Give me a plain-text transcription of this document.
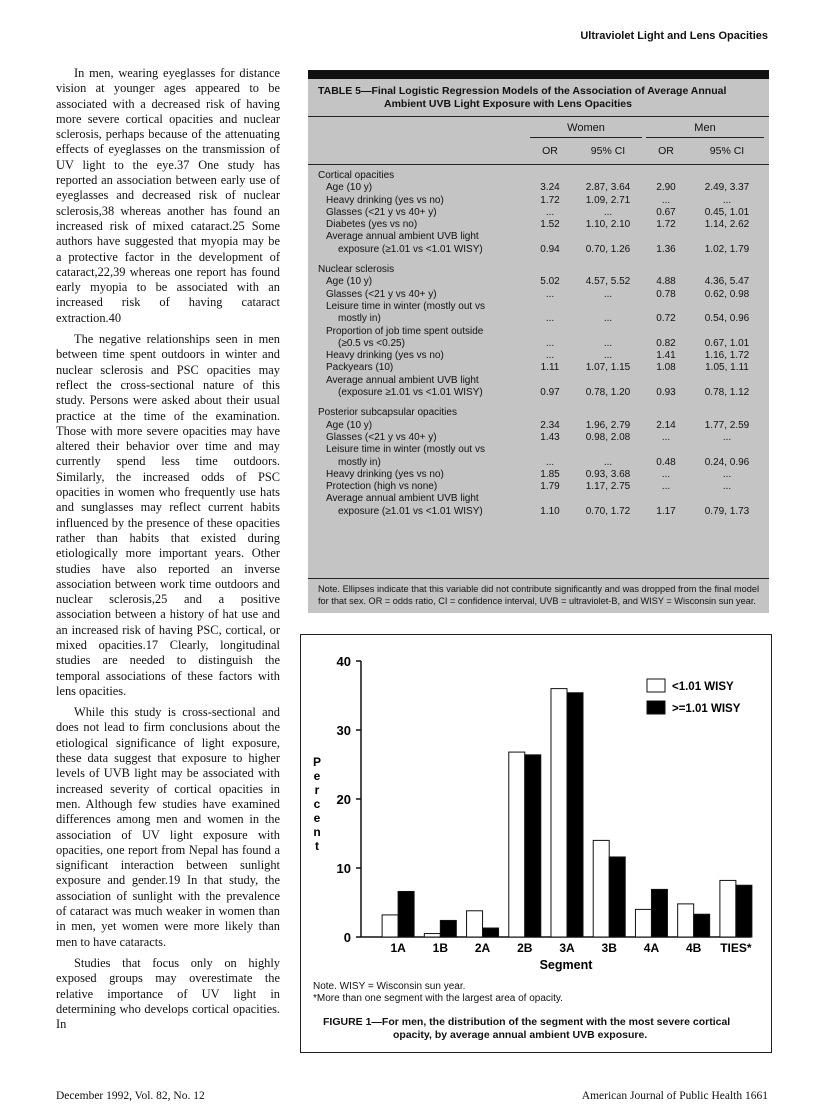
Ultraviolet Light and Lens Opacities

In men, wearing eyeglasses for distance vision at younger ages appeared to be associated with a decreased risk of having more severe cortical opacities and nuclear sclerosis, perhaps because of the attenuating effects of eyeglasses on the transmission of UV light to the eye.37 One study has reported an association between early use of eyeglasses and decreased risk of nuclear sclerosis,38 whereas another has found an increased risk of mixed cataract.25 Some authors have suggested that myopia may be a protective factor in the development of cataract,22,39 whereas one report has found early myopia to be associated with an increased risk of having cataract extraction.40

The negative relationships seen in men between time spent outdoors in winter and nuclear sclerosis and PSC opacities may reflect the cross-sectional nature of this study. Persons were asked about their usual practice at the time of the examination. Those with more severe opacities may have altered their behavior over time and may currently spend less time outdoors. Similarly, the increased odds of PSC opacities in women who frequently use hats and sunglasses may reflect current habits influenced by the presence of these opacities rather than habits that existed during etiologically more important years. Other studies have also reported an inverse association between work time outdoors and nuclear sclerosis,25 and a positive association between a history of hat use and an increased risk of having PSC, cortical, or mixed opacities.17 Clearly, longitudinal studies are needed to distinguish the temporal associations of these factors with lens opacities.

While this study is cross-sectional and does not lead to firm conclusions about the etiological significance of light exposure, these data suggest that exposure to higher levels of UVB light may be associated with increased severity of cortical opacities in men. Although few studies have examined differences among men and women in the association of UV light exposure with opacities, one report from Nepal has found a significant interaction between sunlight exposure and gender.19 In that study, the association of sunlight with the prevalence of cataract was much weaker in women than in men, yet women were more likely than men to have cataracts.

Studies that focus only on highly exposed groups may overestimate the relative importance of UV light in determining who develops cortical opacities. In

TABLE 5—Final Logistic Regression Models of the Association of Average Annual
Ambient UVB Light Exposure with Lens Opacities
Women	Men
OR	95% CI	OR	95% CI
Cortical opacities
Age (10 y)	3.24	2.87, 3.64	2.90	2.49, 3.37
Heavy drinking (yes vs no)	1.72	1.09, 2.71	...	...
Glasses (<21 y vs 40+ y)	...	...	0.67	0.45, 1.01
Diabetes (yes vs no)	1.52	1.10, 2.10	1.72	1.14, 2.62
Average annual ambient UVB light
exposure (≥1.01 vs <1.01 WISY)	0.94	0.70, 1.26	1.36	1.02, 1.79
Nuclear sclerosis
Age (10 y)	5.02	4.57, 5.52	4.88	4.36, 5.47
Glasses (<21 y vs 40+ y)	...	...	0.78	0.62, 0.98
Leisure time in winter (mostly out vs
mostly in)	...	...	0.72	0.54, 0.96
Proportion of job time spent outside
(≥0.5 vs <0.25)	...	...	0.82	0.67, 1.01
Heavy drinking (yes vs no)	...	...	1.41	1.16, 1.72
Packyears (10)	1.11	1.07, 1.15	1.08	1.05, 1.11
Average annual ambient UVB light
(exposure ≥1.01 vs <1.01 WISY)	0.97	0.78, 1.20	0.93	0.78, 1.12
Posterior subcapsular opacities
Age (10 y)	2.34	1.96, 2.79	2.14	1.77, 2.59
Glasses (<21 y vs 40+ y)	1.43	0.98, 2.08	...	...
Leisure time in winter (mostly out vs
mostly in)	...	...	0.48	0.24, 0.96
Heavy drinking (yes vs no)	1.85	0.93, 3.68	...	...
Protection (high vs none)	1.79	1.17, 2.75	...	...
Average annual ambient UVB light
exposure (≥1.01 vs <1.01 WISY)	1.10	0.70, 1.72	1.17	0.79, 1.73
Note. Ellipses indicate that this variable did not contribute significantly and was dropped from the final model for that sex. OR = odds ratio, CI = confidence interval, UVB = ultraviolet-B, and WISY = Wisconsin sun year.
0
10
20
30
40
P
e
r
c
e
n
t
1A 1B 2A 2B 3A 3B 4A 4B TIES*
Segment
<1.01 WISY
>=1.01 WISY
Note. WISY = Wisconsin sun year.
*More than one segment with the largest area of opacity.
FIGURE 1—For men, the distribution of the segment with the most severe cortical
opacity, by average annual ambient UVB exposure.
December 1992, Vol. 82, No. 12	American Journal of Public Health 1661
